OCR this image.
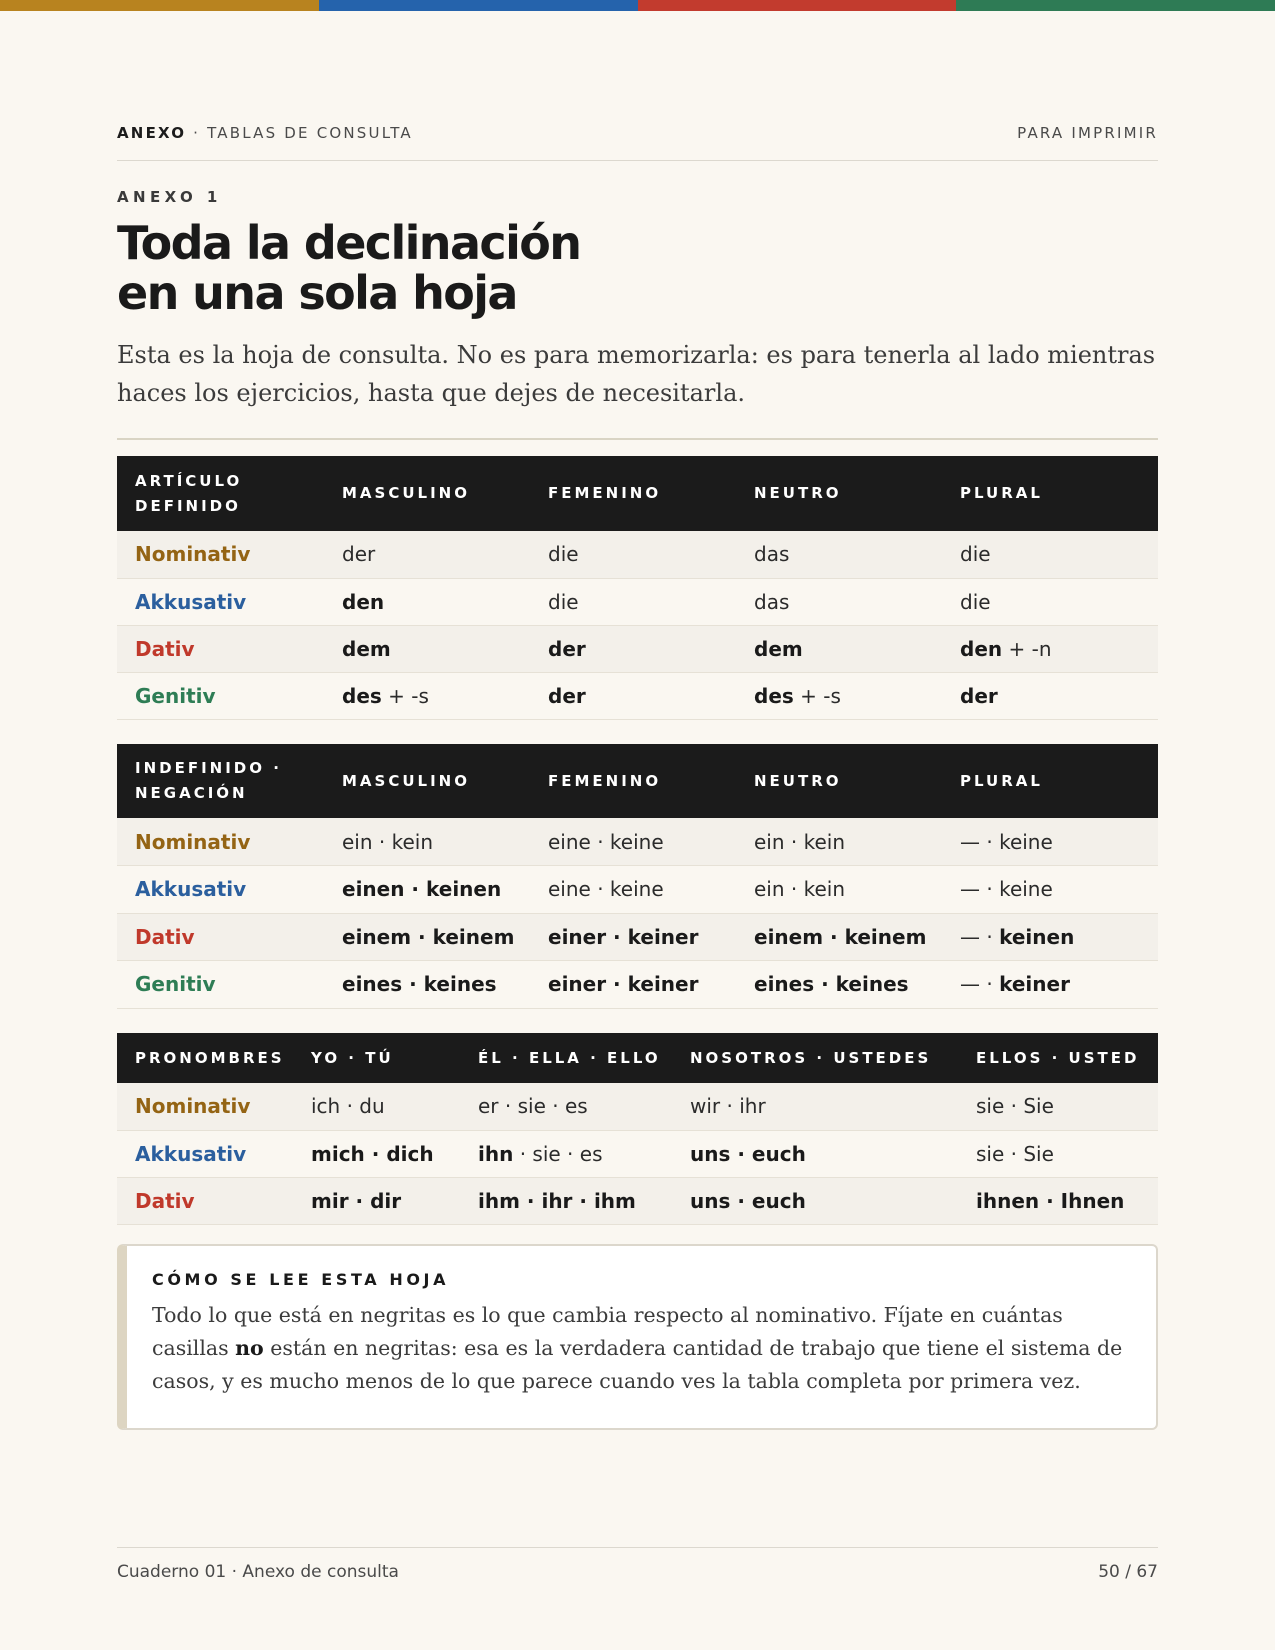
ANEXO · TABLAS DE CONSULTA	PARA IMPRIMIR
ANEXO 1
Toda la declinación
en una sola hoja

Esta es la hoja de consulta. No es para memorizarla: es para tenerla al lado mientras haces los ejercicios, hasta que dejes de necesitarla.

ARTÍCULO DEFINIDO	MASCULINO	FEMENINO	NEUTRO	PLURAL
Nominativ	der	die	das	die
Akkusativ	den	die	das	die
Dativ	dem	der	dem	den + -n
Genitiv	des + -s	der	des + -s	der
INDEFINIDO · NEGACIÓN	MASCULINO	FEMENINO	NEUTRO	PLURAL
Nominativ	ein · kein	eine · keine	ein · kein	— · keine
Akkusativ	einen · keinen	eine · keine	ein · kein	— · keine
Dativ	einem · keinem	einer · keiner	einem · keinem	— · keinen
Genitiv	eines · keines	einer · keiner	eines · keines	— · keiner
PRONOMBRES	YO · TÚ	ÉL · ELLA · ELLO	NOSOTROS · USTEDES	ELLOS · USTED
Nominativ	ich · du	er · sie · es	wir · ihr	sie · Sie
Akkusativ	mich · dich	ihn · sie · es	uns · euch	sie · Sie
Dativ	mir · dir	ihm · ihr · ihm	uns · euch	ihnen · Ihnen
CÓMO SE LEE ESTA HOJA

Todo lo que está en negritas es lo que cambia respecto al nominativo. Fíjate en cuántas casillas no están en negritas: esa es la verdadera cantidad de trabajo que tiene el sistema de casos, y es mucho menos de lo que parece cuando ves la tabla completa por primera vez.

Cuaderno 01 · Anexo de consulta	50 / 67
